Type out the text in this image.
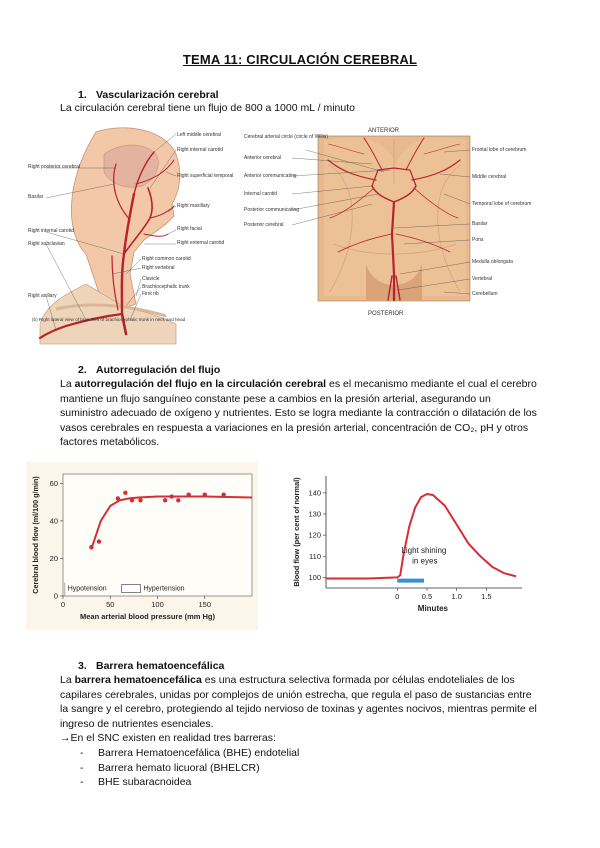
TEMA 11: CIRCULACIÓN CEREBRAL
1. Vascularización cerebral
La circulación cerebral tiene un flujo de 800 a 1000 mL / minuto
Left middle cerebral
Right internal carotid
Right posterior cerebral
Right superficial temporal
Basilar
Right maxillary
Right facial
Right internal carotid
Right external carotid
Right subclavian
Right common carotid
Right vertebral
Clavicle
Brachiocephalic trunk
Right axillary	First rib
(b) Right lateral view of branches of brachiocephalic trunk in neck and head
ANTERIOR
POSTERIOR
Cerebral arterial circle (circle of Willis)
Anterior cerebral
Anterior communicating
Internal carotid
Posterior communicating
Posterior cerebral
Frontal lobe of cerebrum
Middle cerebral
Temporal lobe of cerebrum
Basilar
Pons
Medulla oblongata
Vertebral
Cerebellum
2. Autorregulación del flujo
La autorregulación del flujo en la circulación cerebral es el mecanismo mediante el cual el cerebro mantiene un flujo sanguíneo constante pese a cambios en la presión arterial, asegurando un suministro adecuado de oxígeno y nutrientes. Esto se logra mediante la contracción o dilatación de los vasos cerebrales en respuesta a variaciones en la presión arterial, concentración de CO₂, pH y otros factores metabólicos.
0
20
40
60
0	50	100	150
Hypotension	Hypertension
Mean arterial blood pressure (mm Hg)
Cerebral blood flow (ml/100 g/min)	100
110
120
130
140
0	0.5	1.0	1.5
Light shining
in eyes
Minutes
Blood flow (per cent of normal)
3. Barrera hematoencefálica
La barrera hematoencefálica es una estructura selectiva formada por células endoteliales de los capilares cerebrales, unidas por complejos de unión estrecha, que regula el paso de sustancias entre la sangre y el cerebro, protegiendo al tejido nervioso de toxinas y agentes nocivos, mientras permite el ingreso de nutrientes esenciales.
→En el SNC existen en realidad tres barreras:
- Barrera Hematoencefálica (BHE) endotelial
- Barrera hemato licuoral (BHELCR)
- BHE subaracnoidea
